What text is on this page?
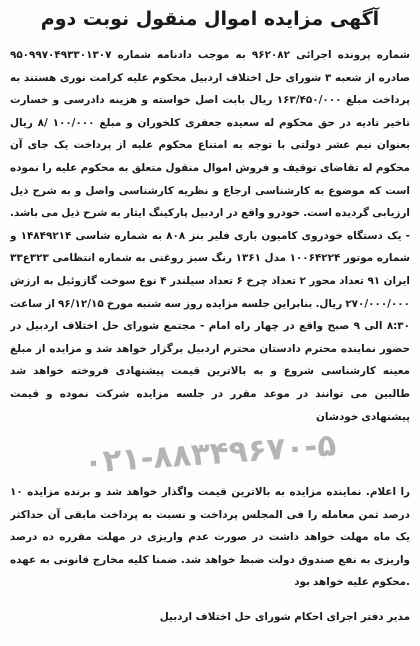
آگهی مزایده اموال منقول نوبت دوم
شماره پرونده اجرائی ۹۶۲۰۸۲ به موجب دادنامه شماره ۹۵۰۹۹۷۰۴۹۳۳۰۱۳۰۷ صادره از شعبه ۳ شورای حل اختلاف اردبیل محکوم علیه کرامت نوری هستند به پرداخت مبلغ ۱۶۳/۴۵۰/۰۰۰ ریال بابت اصل خواسته و هزینه دادرسی و خسارت تاخیر تادیه در حق محکوم له سعیده جعفری کلخوران و مبلغ ۱۰۰/۰۰۰ /۸ ریال بعنوان نیم عشر دولتی با توجه به امتناع محکوم علیه از پرداخت یک جای آن محکوم له تقاضای توقیف و فروش اموال منقول متعلق به محکوم علیه را نموده است که موضوع به کارشناسی ارجاع و نظریه کارشناسی واصل و به شرح ذیل ارزیابی گردیده است. خودرو واقع در اردبیل پارکینگ ایثار به شرح ذیل می باشد. - یک دستگاه خودروی کامیون باری فلیر بنز ۸۰۸ به شماره شاسی ۱۴۸۴۹۲۱۴ و شماره موتور ۱۰۰۶۴۲۲۴ مدل ۱۳۶۱ رنگ سبز روغنی به شماره انتظامی ۳۲۳ع۳۳ ایران ۹۱ تعداد محور ۲ تعداد چرخ ۶ تعداد سیلندر ۴ نوع سوخت گازوئیل به ارزش ۲۷۰/۰۰۰/۰۰۰ ریال. بنابراین جلسه مزایده روز سه شنبه مورخ ۹۶/۱۲/۱۵ از ساعت ۸:۳۰ الی ۹ صبح واقع در چهار راه امام - مجتمع شورای حل اختلاف اردبیل در حضور نماینده محترم دادستان محترم اردبیل برگزار خواهد شد و مزایده از مبلغ معینه کارشناسی شروع و به بالاترین قیمت پیشنهادی فروخته خواهد شد طالبین می توانند در موعد مقرر در جلسه مزایده شرکت نموده و قیمت پیشنهادی خودشان
۰۲۱-۸۸۳۴۹۶۷۰-۵
را اعلام. نماینده مزایده به بالاترین قیمت واگذار خواهد شد و برنده مزایده ۱۰ درصد ثمن معامله را فی المجلس پرداخت و نسبت به پرداخت مابقی آن حداکثر یک ماه مهلت خواهد داشت در صورت عدم واریزی در مهلت مقرره ده درصد واریزی به نفع صندوق دولت ضبط خواهد شد. ضمنا کلیه مخارج قانونی به عهده محکوم علیه خواهد بود.
مدیر دفتر اجرای احکام شورای حل اختلاف اردبیل
